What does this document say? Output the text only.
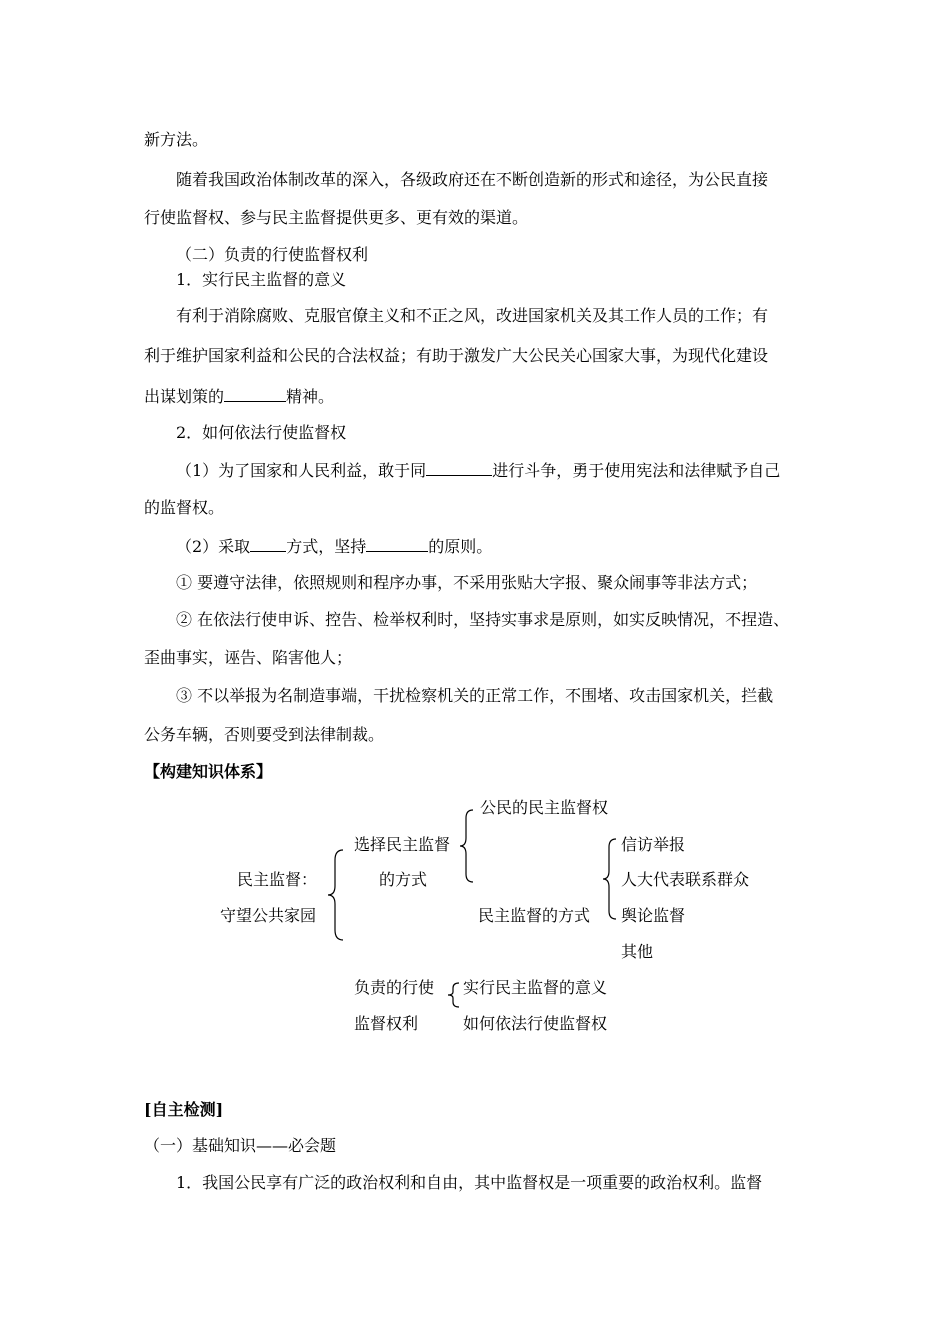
新方法。
随着我国政治体制改革的深入，各级政府还在不断创造新的形式和途径，为公民直接
行使监督权、参与民主监督提供更多、更有效的渠道。
（二）负责的行使监督权利
1．实行民主监督的意义
有利于消除腐败、克服官僚主义和不正之风，改进国家机关及其工作人员的工作；有
利于维护国家利益和公民的合法权益；有助于激发广大公民关心国家大事，为现代化建设
出谋划策的	精神。
2．如何依法行使监督权
（1）为了国家和人民利益，敢于同	进行斗争，勇于使用宪法和法律赋予自己
的监督权。
（2）采取 方式，坚持	的原则。
① 要遵守法律，依照规则和程序办事，不采用张贴大字报、聚众闹事等非法方式；
② 在依法行使申诉、控告、检举权利时，坚持实事求是原则，如实反映情况，不捏造、
歪曲事实，诬告、陷害他人；
③ 不以举报为名制造事端，干扰检察机关的正常工作，不围堵、攻击国家机关，拦截
公务车辆，否则要受到法律制裁。
【构建知识体系】
民主监督：
守望公共家园
选择民主监督
的方式
公民的民主监督权
民主监督的方式
信访举报
人大代表联系群众
舆论监督
其他
负责的行使
监督权利
实行民主监督的意义
如何依法行使监督权
[自主检测]
（一）基础知识——必会题
1．我国公民享有广泛的政治权利和自由，其中监督权是一项重要的政治权利。监督
